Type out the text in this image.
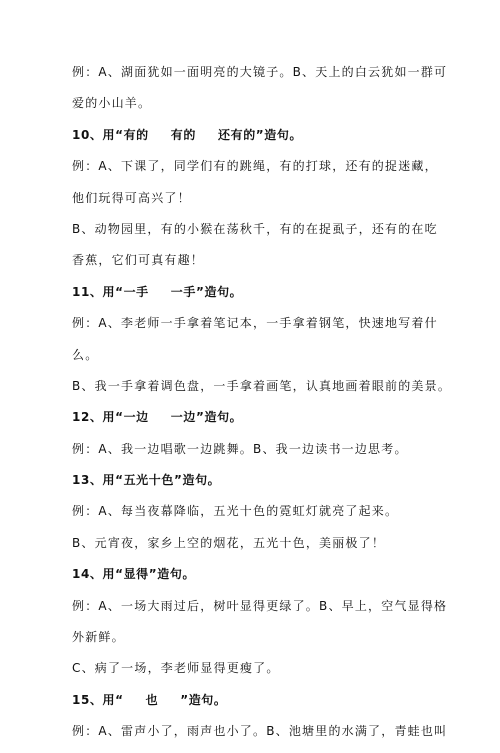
例：A、湖面犹如一面明亮的大镜子。B、天上的白云犹如一群可
爱的小山羊。
10、用“有的 有的 还有的”造句。
例：A、下课了，同学们有的跳绳，有的打球，还有的捉迷藏，
他们玩得可高兴了！
B、动物园里，有的小猴在荡秋千，有的在捉虱子，还有的在吃
香蕉，它们可真有趣！
11、用“一手 一手”造句。
例：A、李老师一手拿着笔记本，一手拿着钢笔，快速地写着什
么。
B、我一手拿着调色盘，一手拿着画笔，认真地画着眼前的美景。
12、用“一边 一边”造句。
例：A、我一边唱歌一边跳舞。B、我一边读书一边思考。
13、用“五光十色”造句。
例：A、每当夜幕降临，五光十色的霓虹灯就亮了起来。
B、元宵夜，家乡上空的烟花，五光十色，美丽极了！
14、用“显得”造句。
例：A、一场大雨过后，树叶显得更绿了。B、早上，空气显得格
外新鲜。
C、病了一场，李老师显得更瘦了。
15、用“ 也 ”造句。
例：A、雷声小了，雨声也小了。B、池塘里的水满了，青蛙也叫
